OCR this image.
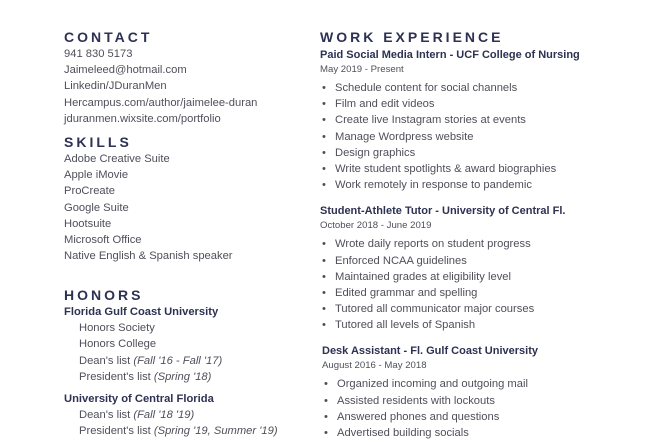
CONTACT
941 830 5173
Jaimeleed@hotmail.com
Linkedin/JDuranMen
Hercampus.com/author/jaimelee-duran
jduranmen.wixsite.com/portfolio
SKILLS
Adobe Creative Suite
Apple iMovie
ProCreate
Google Suite
Hootsuite
Microsoft Office
Native English & Spanish speaker
HONORS
Florida Gulf Coast University
Honors Society
Honors College
Dean's list (Fall '16 - Fall '17)
President's list (Spring '18)
University of Central Florida
Dean's list (Fall '18 '19)
President's list (Spring '19, Summer '19)
WORK EXPERIENCE
Paid Social Media Intern - UCF College of Nursing
May 2019 - Present
• Schedule content for social channels
• Film and edit videos
• Create live Instagram stories at events
• Manage Wordpress website
• Design graphics
• Write student spotlights & award biographies
• Work remotely in response to pandemic
Student-Athlete Tutor - University of Central Fl.
October 2018 - June 2019
• Wrote daily reports on student progress
• Enforced NCAA guidelines
• Maintained grades at eligibility level
• Edited grammar and spelling
• Tutored all communicator major courses
• Tutored all levels of Spanish
Desk Assistant - Fl. Gulf Coast University
August 2016 - May 2018
• Organized incoming and outgoing mail
• Assisted residents with lockouts
• Answered phones and questions
• Advertised building socials
